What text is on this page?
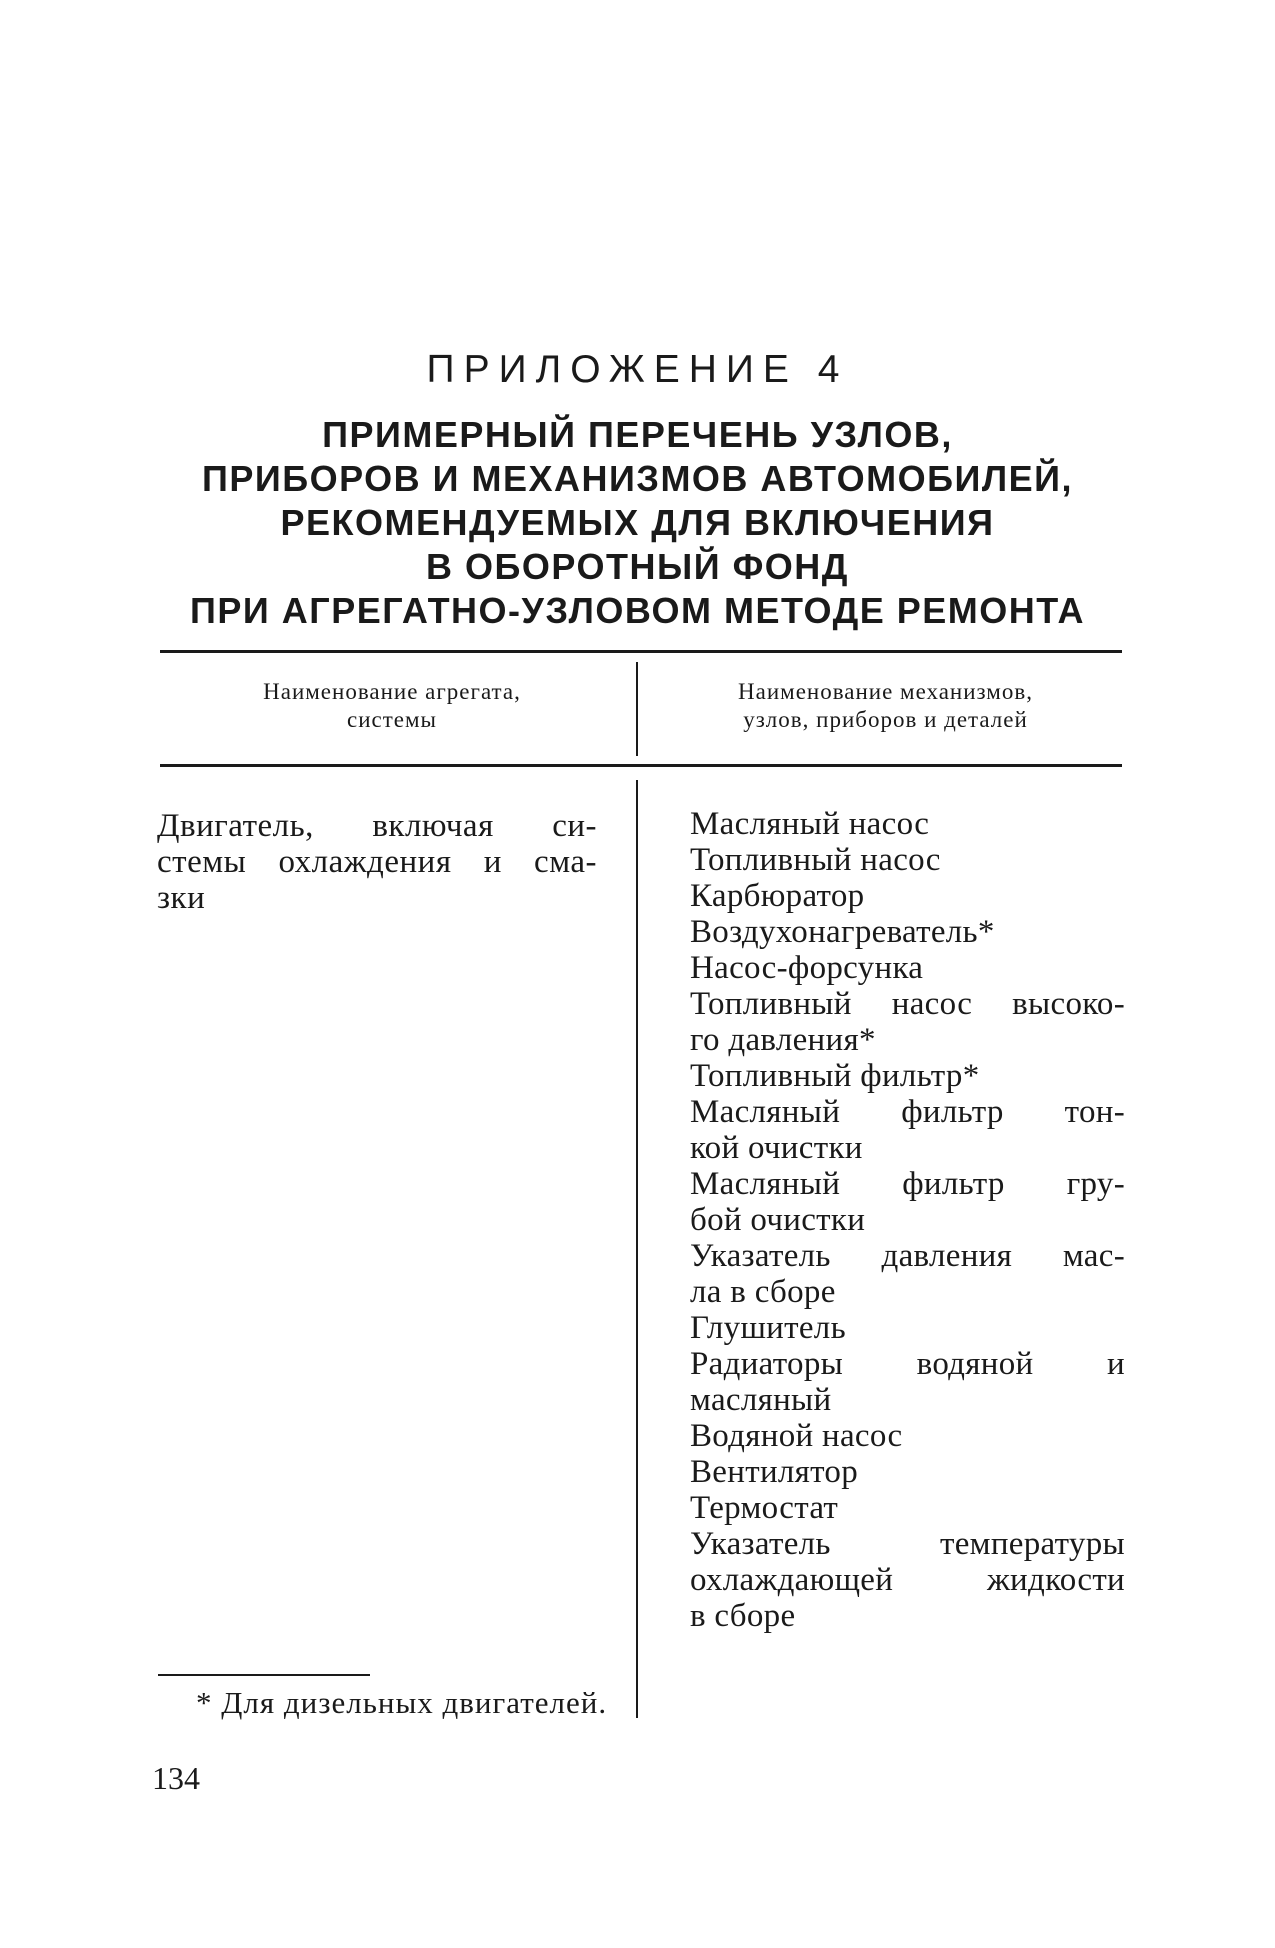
ПРИЛОЖЕНИЕ 4
ПРИМЕРНЫЙ ПЕРЕЧЕНЬ УЗЛОВ,
ПРИБОРОВ И МЕХАНИЗМОВ АВТОМОБИЛЕЙ,
РЕКОМЕНДУЕМЫХ ДЛЯ ВКЛЮЧЕНИЯ
В ОБОРОТНЫЙ ФОНД
ПРИ АГРЕГАТНО-УЗЛОВОМ МЕТОДЕ РЕМОНТА
Наименование агрегата,
системы
Наименование механизмов,
узлов, приборов и деталей
Двигатель, включая си-
стемы охлаждения и сма-
зки
Масляный насос
Топливный насос
Карбюратор
Воздухонагреватель*
Насос-форсунка
Топливный насос высоко-
го давления*
Топливный фильтр*
Масляный фильтр тон-
кой очистки
Масляный фильтр гру-
бой очистки
Указатель давления мас-
ла в сборе
Глушитель
Радиаторы водяной и
масляный
Водяной насос
Вентилятор
Термостат
Указатель температуры
охлаждающей жидкости
в сборе
* Для дизельных двигателей.
134
